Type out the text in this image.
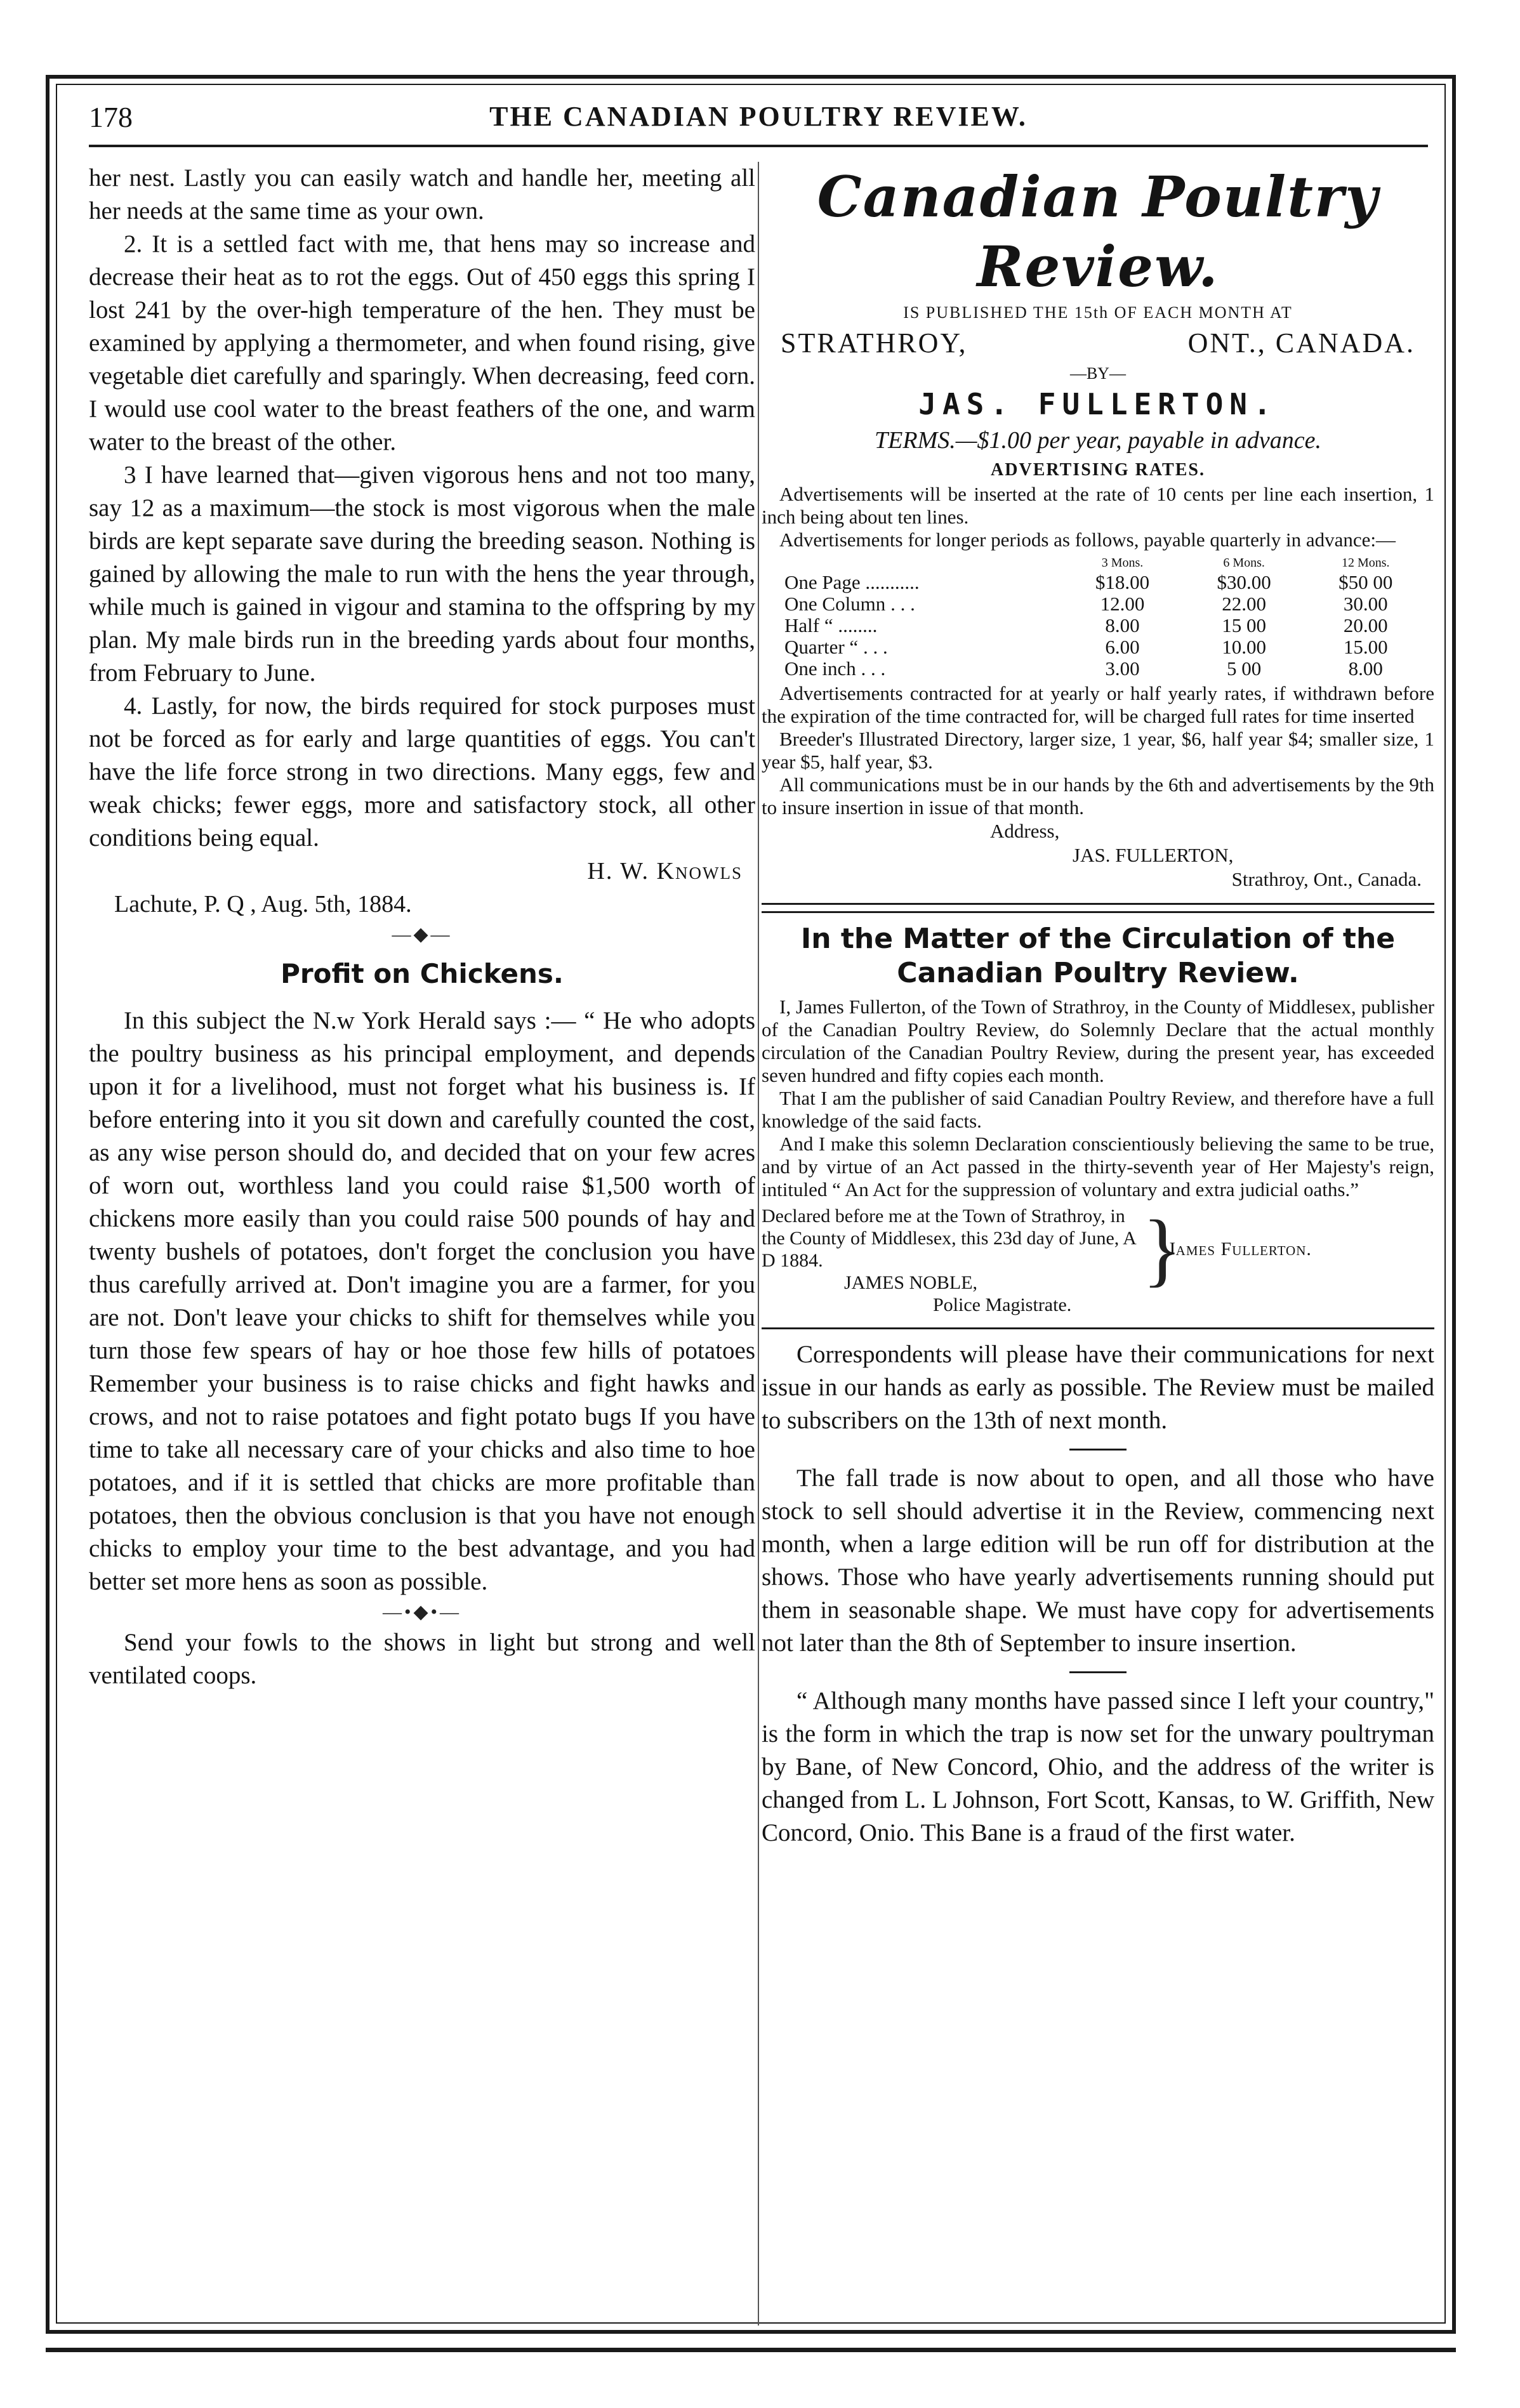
178	THE CANADIAN POULTRY REVIEW.

her nest. Lastly you can easily watch and handle her, meeting all her needs at the same time as your own.

2. It is a settled fact with me, that hens may so increase and decrease their heat as to rot the eggs. Out of 450 eggs this spring I lost 241 by the over-high temperature of the hen. They must be examined by applying a thermometer, and when found rising, give vegetable diet carefully and sparingly. When decreasing, feed corn. I would use cool water to the breast feathers of the one, and warm water to the breast of the other.

3 I have learned that—given vigorous hens and not too many, say 12 as a maximum—the stock is most vigorous when the male birds are kept separate save during the breeding season. Nothing is gained by allowing the male to run with the hens the year through, while much is gained in vigour and stamina to the offspring by my plan. My male birds run in the breeding yards about four months, from February to June.

4. Lastly, for now, the birds required for stock purposes must not be forced as for early and large quantities of eggs. You can't have the life force strong in two directions. Many eggs, few and weak chicks; fewer eggs, more and satisfactory stock, all other conditions being equal.

H. W. Knowls
Lachute, P. Q , Aug. 5th, 1884.
—◆—
Profit on Chickens.

In this subject the N.w York Herald says :— “ He who adopts the poultry business as his principal employment, and depends upon it for a livelihood, must not forget what his business is. If before entering into it you sit down and carefully counted the cost, as any wise person should do, and decided that on your few acres of worn out, worthless land you could raise $1,500 worth of chickens more easily than you could raise 500 pounds of hay and twenty bushels of potatoes, don't forget the conclusion you have thus carefully arrived at. Don't imagine you are a farmer, for you are not. Don't leave your chicks to shift for themselves while you turn those few spears of hay or hoe those few hills of potatoes Remember your business is to raise chicks and fight hawks and crows, and not to raise potatoes and fight potato bugs If you have time to take all necessary care of your chicks and also time to hoe potatoes, and if it is settled that chicks are more profitable than potatoes, then the obvious conclusion is that you have not enough chicks to employ your time to the best advantage, and you had better set more hens as soon as possible.

—•◆•—

Send your fowls to the shows in light but strong and well ventilated coops.

Canadian Poultry Review.
IS PUBLISHED THE 15th OF EACH MONTH AT
STRATHROY,	ONT., CANADA.
—BY—
JAS. FULLERTON.
TERMS.—$1.00 per year, payable in advance.
ADVERTISING RATES.

Advertisements will be inserted at the rate of 10 cents per line each insertion, 1 inch being about ten lines.

Advertisements for longer periods as follows, payable quarterly in advance:—

	3 Mons.	6 Mons.	12 Mons.
One Page ...........	$18.00	$30.00	$50 00
One Column . . .	12.00	22.00	30.00
Half “ ........	8.00	15 00	20.00
Quarter “ . . .	6.00	10.00	15.00
One inch . . .	3.00	5 00	8.00

Advertisements contracted for at yearly or half yearly rates, if withdrawn before the expiration of the time contracted for, will be charged full rates for time inserted

Breeder's Illustrated Directory, larger size, 1 year, $6, half year $4; smaller size, 1 year $5, half year, $3.

All communications must be in our hands by the 6th and advertisements by the 9th to insure insertion in issue of that month.

Address,
JAS. FULLERTON,
Strathroy, Ont., Canada.
In the Matter of the Circulation of the Canadian Poultry Review.

I, James Fullerton, of the Town of Strathroy, in the County of Middlesex, publisher of the Canadian Poultry Review, do Solemnly Declare that the actual monthly circulation of the Canadian Poultry Review, during the present year, has exceeded seven hundred and fifty copies each month.

That I am the publisher of said Canadian Poultry Review, and therefore have a full knowledge of the said facts.

And I make this solemn Declaration conscientiously believing the same to be true, and by virtue of an Act passed in the thirty-seventh year of Her Majesty's reign, intituled “ An Act for the suppression of voluntary and extra judicial oaths.”

Declared before me at the Town of Strathroy, in the County of Middlesex, this 23d day of June, A D 1884.
JAMES NOBLE,
Police Magistrate.
}
James Fullerton.

Correspondents will please have their communications for next issue in our hands as early as possible. The Review must be mailed to subscribers on the 13th of next month.

The fall trade is now about to open, and all those who have stock to sell should advertise it in the Review, commencing next month, when a large edition will be run off for distribution at the shows. Those who have yearly advertisements running should put them in seasonable shape. We must have copy for advertisements not later than the 8th of September to insure insertion.

“ Although many months have passed since I left your country," is the form in which the trap is now set for the unwary poultryman by Bane, of New Concord, Ohio, and the address of the writer is changed from L. L Johnson, Fort Scott, Kansas, to W. Griffith, New Concord, Onio. This Bane is a fraud of the first water.
